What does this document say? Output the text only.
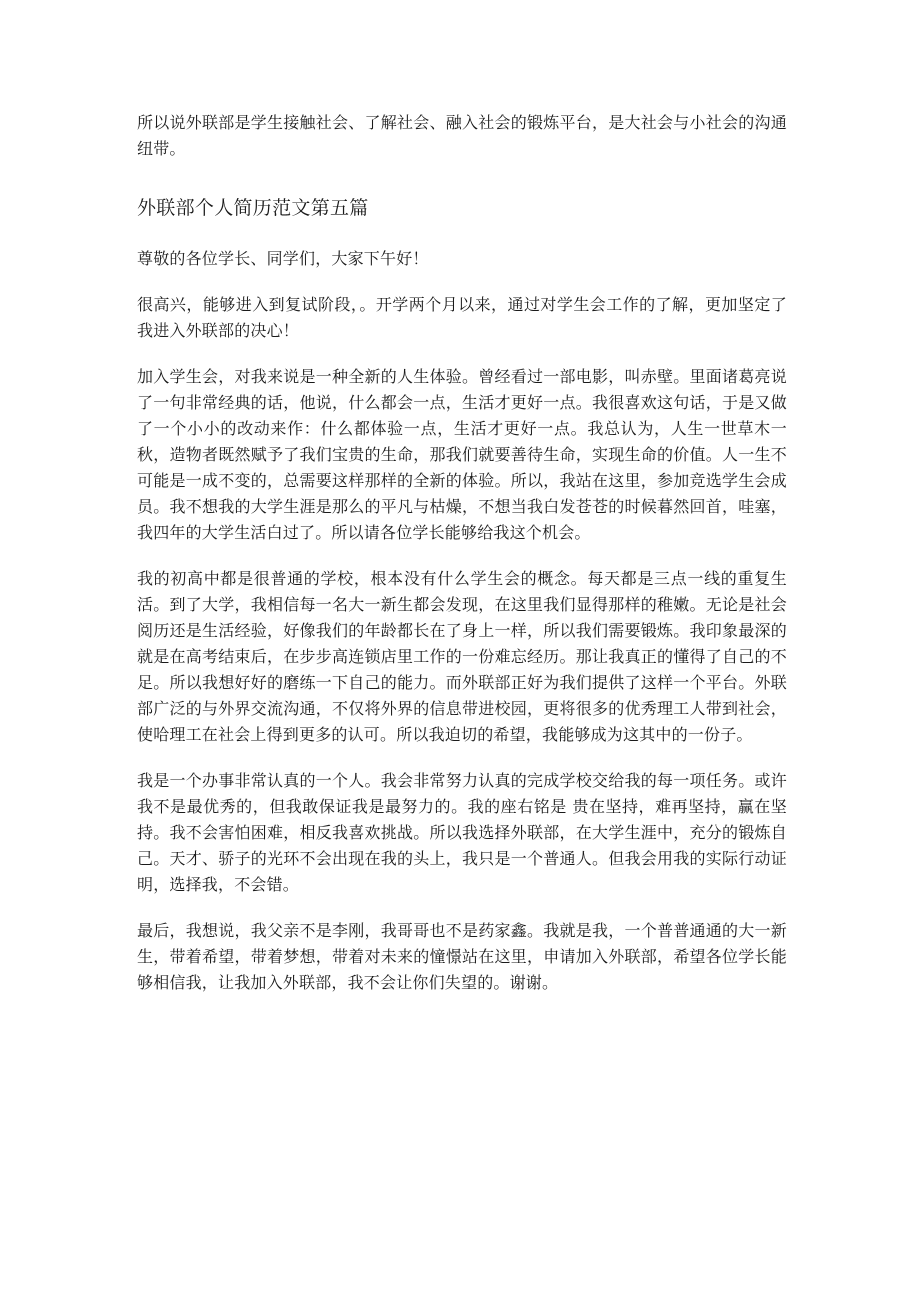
所以说外联部是学生接触社会、了解社会、融入社会的锻炼平台，是大社会与小社会的沟通纽带。

外联部个人简历范文第五篇

尊敬的各位学长、同学们，大家下午好！

很高兴，能够进入到复试阶段，。开学两个月以来，通过对学生会工作的了解，更加坚定了我进入外联部的决心！

加入学生会，对我来说是一种全新的人生体验。曾经看过一部电影，叫赤壁。里面诸葛亮说了一句非常经典的话，他说，什么都会一点，生活才更好一点。我很喜欢这句话，于是又做了一个小小的改动来作：什么都体验一点，生活才更好一点。我总认为，人生一世草木一秋，造物者既然赋予了我们宝贵的生命，那我们就要善待生命，实现生命的价值。人一生不可能是一成不变的，总需要这样那样的全新的体验。所以，我站在这里，参加竞选学生会成员。我不想我的大学生涯是那么的平凡与枯燥，不想当我白发苍苍的时候暮然回首，哇塞，我四年的大学生活白过了。所以请各位学长能够给我这个机会。

我的初高中都是很普通的学校，根本没有什么学生会的概念。每天都是三点一线的重复生活。到了大学，我相信每一名大一新生都会发现，在这里我们显得那样的稚嫩。无论是社会阅历还是生活经验，好像我们的年龄都长在了身上一样，所以我们需要锻炼。我印象最深的就是在高考结束后，在步步高连锁店里工作的一份难忘经历。那让我真正的懂得了自己的不足。所以我想好好的磨练一下自己的能力。而外联部正好为我们提供了这样一个平台。外联部广泛的与外界交流沟通，不仅将外界的信息带进校园，更将很多的优秀理工人带到社会，使哈理工在社会上得到更多的认可。所以我迫切的希望，我能够成为这其中的一份子。

我是一个办事非常认真的一个人。我会非常努力认真的完成学校交给我的每一项任务。或许我不是最优秀的，但我敢保证我是最努力的。我的座右铭是 贵在坚持，难再坚持，赢在坚持。我不会害怕困难，相反我喜欢挑战。所以我选择外联部，在大学生涯中，充分的锻炼自己。天才、骄子的光环不会出现在我的头上，我只是一个普通人。但我会用我的实际行动证明，选择我，不会错。

最后，我想说，我父亲不是李刚，我哥哥也不是药家鑫。我就是我，一个普普通通的大一新生，带着希望，带着梦想，带着对未来的憧憬站在这里，申请加入外联部，希望各位学长能够相信我，让我加入外联部，我不会让你们失望的。谢谢。
